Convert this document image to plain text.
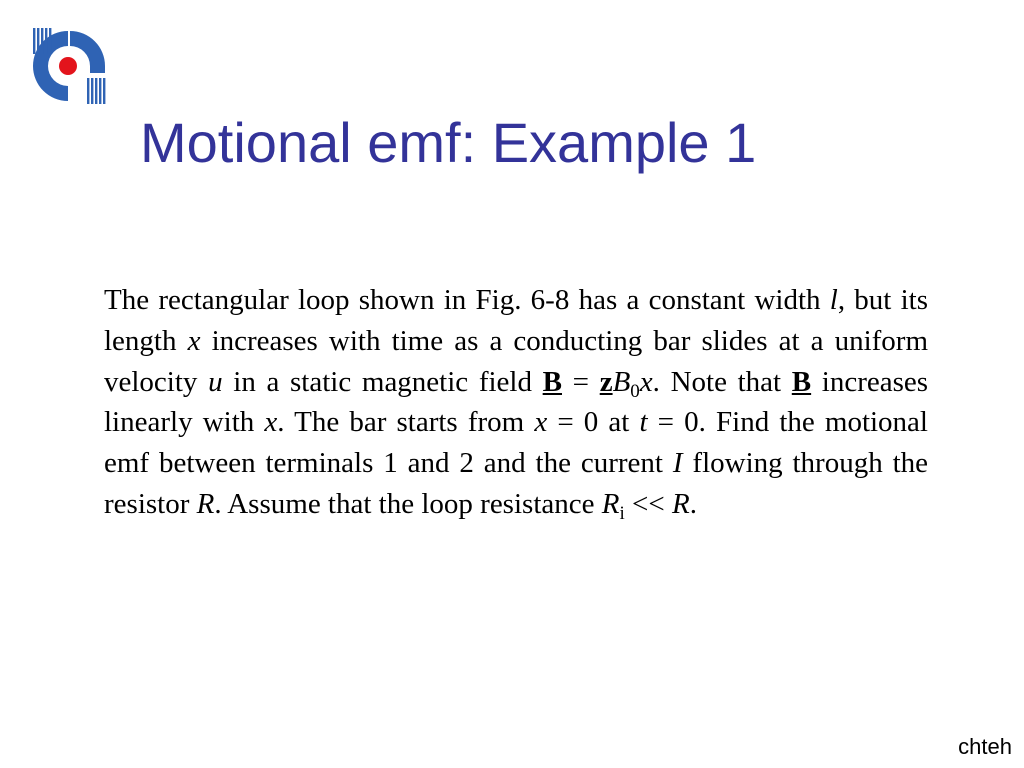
Motional emf: Example 1

The rectangular loop shown in Fig. 6-8 has a constant width l, but its length x increases with time as a conducting bar slides at a uniform velocity u in a static magnetic field $B = zB_0x$. Note that B increases linearly with x. The bar starts from x = 0 at t = 0. Find the motional emf between terminals 1 and 2 and the current I flowing through the resistor R. Assume that the loop resistance $R_i << R$.

chteh
